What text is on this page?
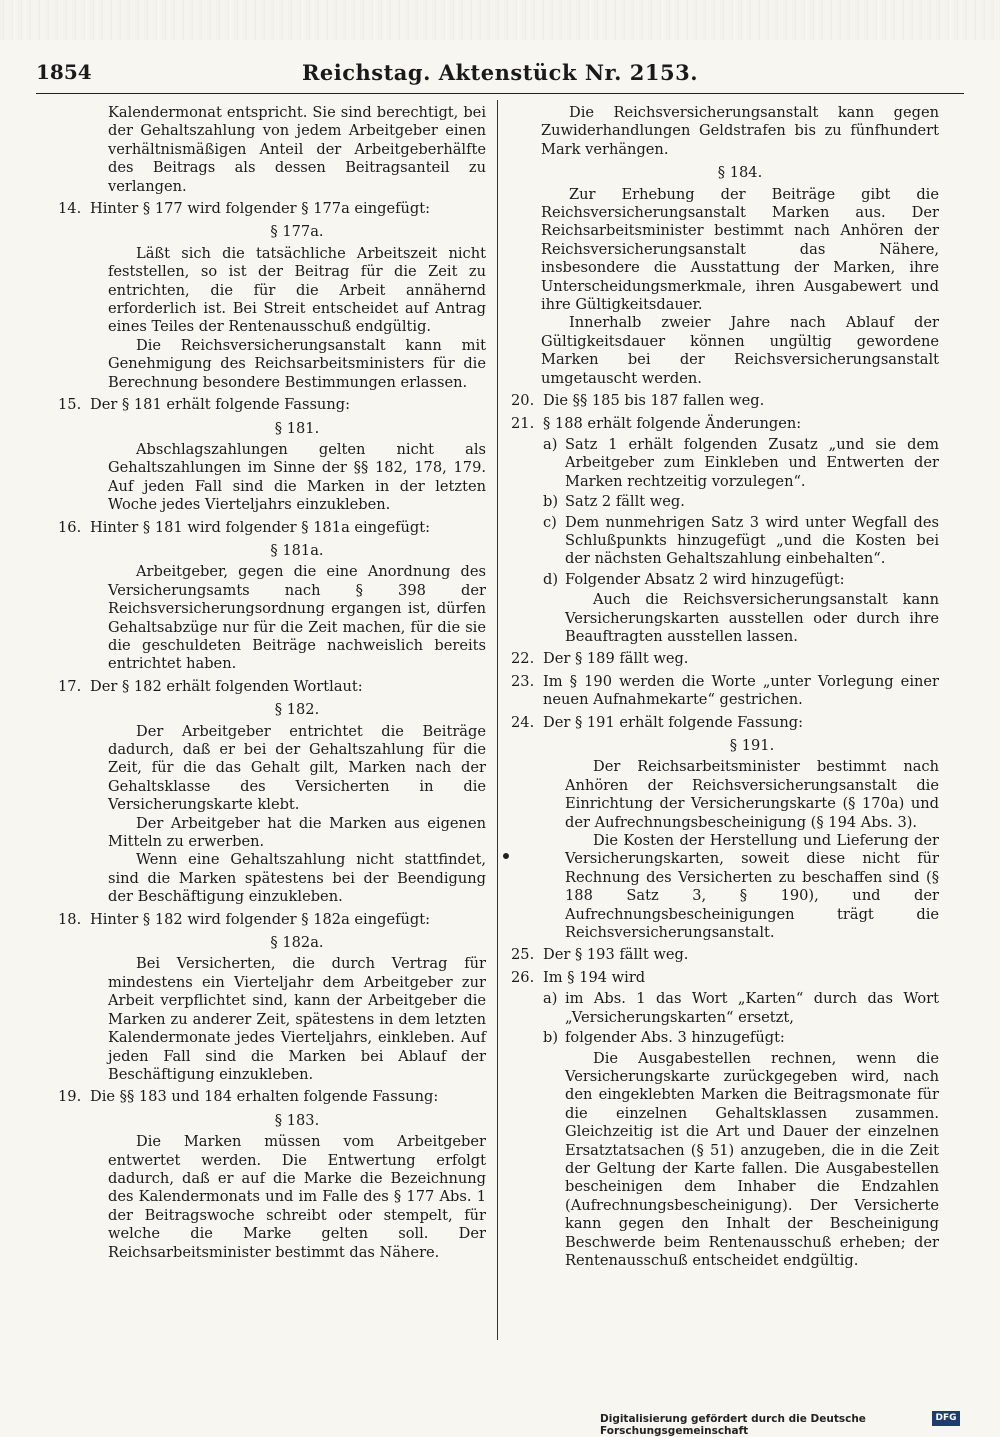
1854	Reichstag. Aktenstück Nr. 2153.

Kalendermonat entspricht. Sie sind berechtigt, bei der Gehaltszahlung von jedem Arbeitgeber einen verhältnismäßigen Anteil der Arbeitgeberhälfte des Beitrags als dessen Beitragsanteil zu verlangen.

14. Hinter § 177 wird folgender § 177a eingefügt:
§ 177a.

Läßt sich die tatsächliche Arbeitszeit nicht feststellen, so ist der Beitrag für die Zeit zu entrichten, die für die Arbeit annähernd erforderlich ist. Bei Streit entscheidet auf Antrag eines Teiles der Rentenausschuß endgültig.

Die Reichsversicherungsanstalt kann mit Genehmigung des Reichsarbeitsministers für die Berechnung besondere Bestimmungen erlassen.

15. Der § 181 erhält folgende Fassung:
§ 181.

Abschlagszahlungen gelten nicht als Gehaltszahlungen im Sinne der §§ 182, 178, 179. Auf jeden Fall sind die Marken in der letzten Woche jedes Vierteljahrs einzukleben.

16. Hinter § 181 wird folgender § 181a eingefügt:
§ 181a.

Arbeitgeber, gegen die eine Anordnung des Versicherungsamts nach § 398 der Reichsversicherungsordnung ergangen ist, dürfen Gehaltsabzüge nur für die Zeit machen, für die sie die geschuldeten Beiträge nachweislich bereits entrichtet haben.

17. Der § 182 erhält folgenden Wortlaut:
§ 182.

Der Arbeitgeber entrichtet die Beiträge dadurch, daß er bei der Gehaltszahlung für die Zeit, für die das Gehalt gilt, Marken nach der Gehaltsklasse des Versicherten in die Versicherungskarte klebt.

Der Arbeitgeber hat die Marken aus eigenen Mitteln zu erwerben.

Wenn eine Gehaltszahlung nicht stattfindet, sind die Marken spätestens bei der Beendigung der Beschäftigung einzukleben.

18. Hinter § 182 wird folgender § 182a eingefügt:
§ 182a.

Bei Versicherten, die durch Vertrag für mindestens ein Vierteljahr dem Arbeitgeber zur Arbeit verpflichtet sind, kann der Arbeitgeber die Marken zu anderer Zeit, spätestens in dem letzten Kalendermonate jedes Vierteljahrs, einkleben. Auf jeden Fall sind die Marken bei Ablauf der Beschäftigung einzukleben.

19. Die §§ 183 und 184 erhalten folgende Fassung:
§ 183.

Die Marken müssen vom Arbeitgeber entwertet werden. Die Entwertung erfolgt dadurch, daß er auf die Marke die Bezeichnung des Kalendermonats und im Falle des § 177 Abs. 1 der Beitragswoche schreibt oder stempelt, für welche die Marke gelten soll. Der Reichsarbeitsminister bestimmt das Nähere.

Die Reichsversicherungsanstalt kann gegen Zuwiderhandlungen Geldstrafen bis zu fünfhundert Mark verhängen.

§ 184.

Zur Erhebung der Beiträge gibt die Reichsversicherungsanstalt Marken aus. Der Reichsarbeitsminister bestimmt nach Anhören der Reichsversicherungsanstalt das Nähere, insbesondere die Ausstattung der Marken, ihre Unterscheidungsmerkmale, ihren Ausgabewert und ihre Gültigkeitsdauer.

Innerhalb zweier Jahre nach Ablauf der Gültigkeitsdauer können ungültig gewordene Marken bei der Reichsversicherungsanstalt umgetauscht werden.

20. Die §§ 185 bis 187 fallen weg.
21. § 188 erhält folgende Änderungen:
a) Satz 1 erhält folgenden Zusatz „und sie dem Arbeitgeber zum Einkleben und Entwerten der Marken rechtzeitig vorzulegen“.
b) Satz 2 fällt weg.
c) Dem nunmehrigen Satz 3 wird unter Wegfall des Schlußpunkts hinzugefügt „und die Kosten bei der nächsten Gehaltszahlung einbehalten“.
d) Folgender Absatz 2 wird hinzugefügt:

Auch die Reichsversicherungsanstalt kann Versicherungskarten ausstellen oder durch ihre Beauftragten ausstellen lassen.

22. Der § 189 fällt weg.
23. Im § 190 werden die Worte „unter Vorlegung einer neuen Aufnahmekarte“ gestrichen.
24. Der § 191 erhält folgende Fassung:
§ 191.

Der Reichsarbeitsminister bestimmt nach Anhören der Reichsversicherungsanstalt die Einrichtung der Versicherungskarte (§ 170a) und der Aufrechnungsbescheinigung (§ 194 Abs. 3).

Die Kosten der Herstellung und Lieferung der Versicherungskarten, soweit diese nicht für Rechnung des Versicherten zu beschaffen sind (§ 188 Satz 3, § 190), und der Aufrechnungsbescheinigungen trägt die Reichsversicherungsanstalt.

25. Der § 193 fällt weg.
26. Im § 194 wird
a) im Abs. 1 das Wort „Karten“ durch das Wort „Versicherungskarten“ ersetzt,
b) folgender Abs. 3 hinzugefügt:

Die Ausgabestellen rechnen, wenn die Versicherungskarte zurückgegeben wird, nach den eingeklebten Marken die Beitragsmonate für die einzelnen Gehaltsklassen zusammen. Gleichzeitig ist die Art und Dauer der einzelnen Ersatztatsachen (§ 51) anzugeben, die in die Zeit der Geltung der Karte fallen. Die Ausgabestellen bescheinigen dem Inhaber die Endzahlen (Aufrechnungsbescheinigung). Der Versicherte kann gegen den Inhalt der Bescheinigung Beschwerde beim Rentenausschuß erheben; der Rentenausschuß entscheidet endgültig.

Digitalisierung gefördert durch die Deutsche Forschungsgemeinschaft
DFG
